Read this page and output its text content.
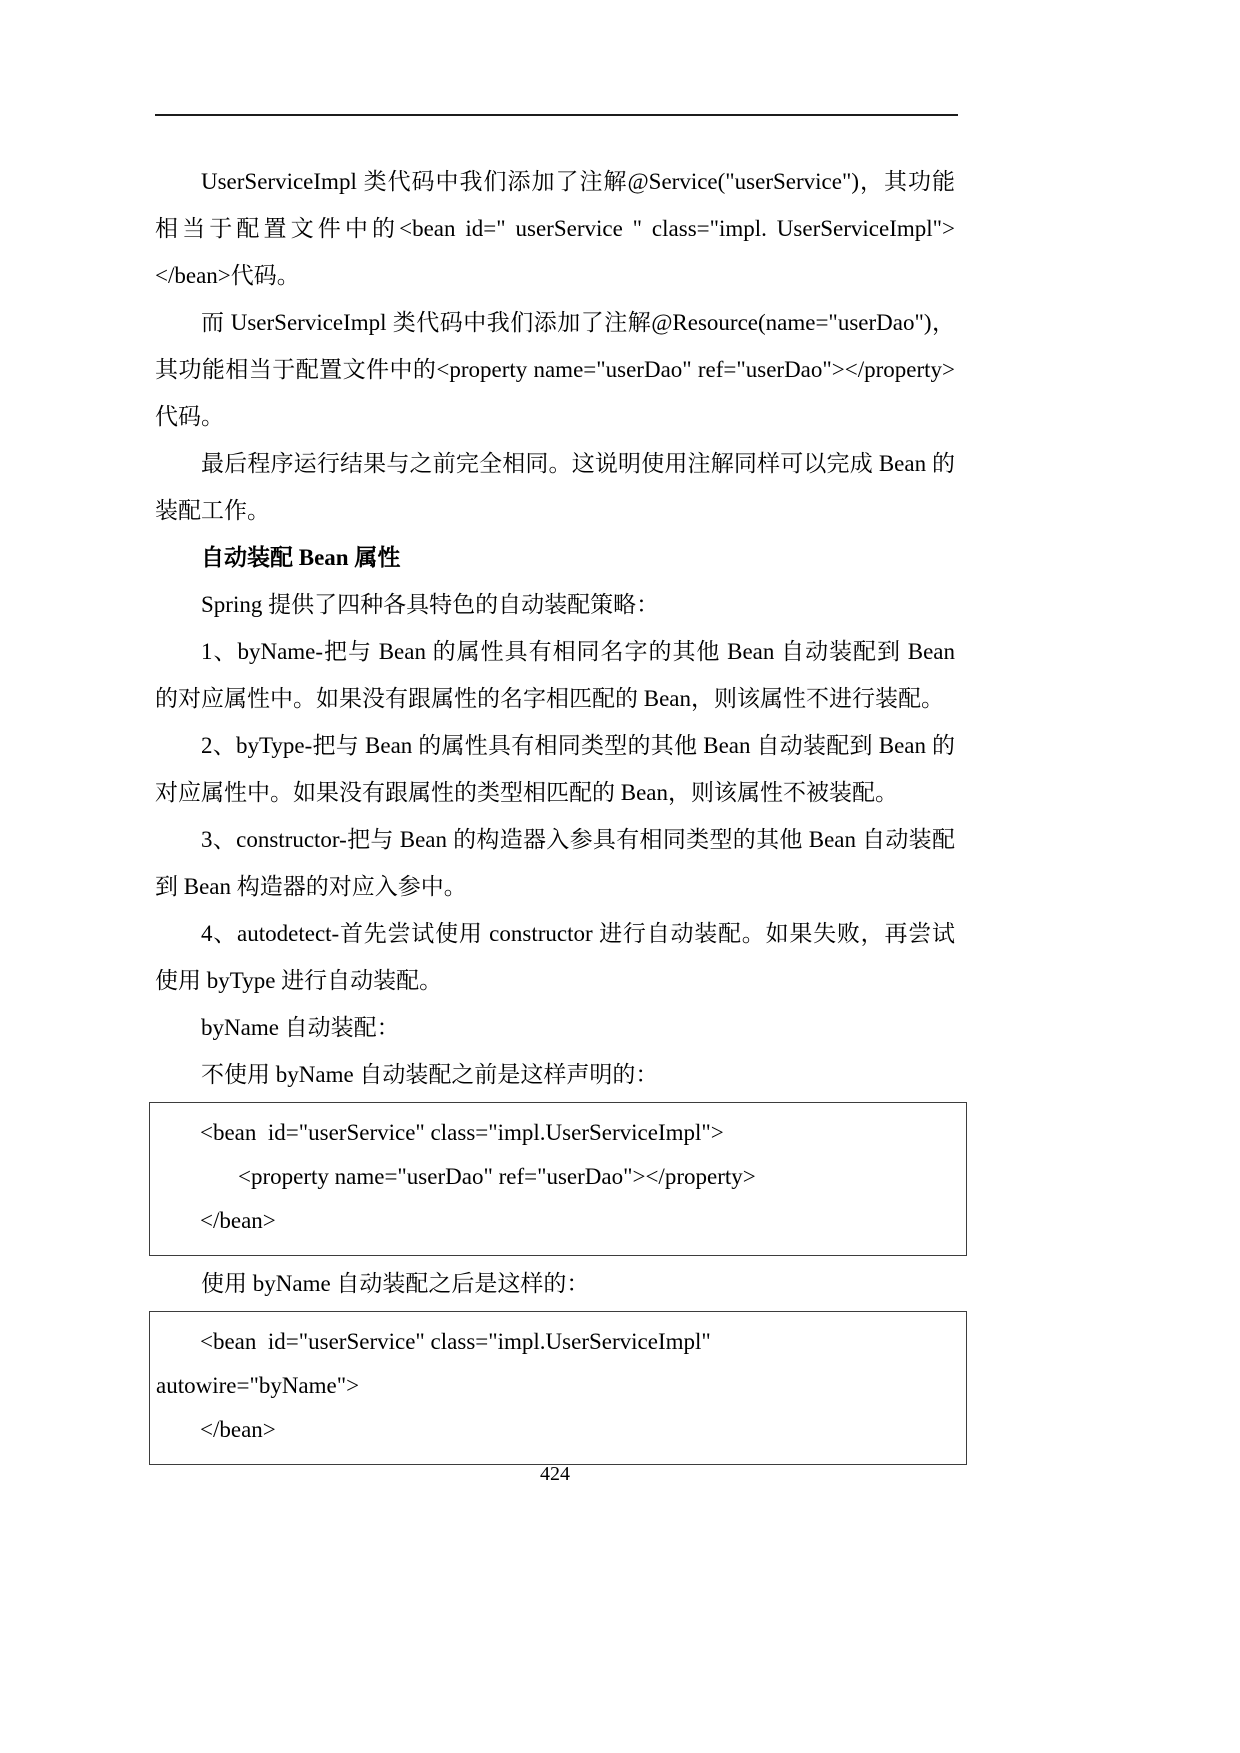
UserServiceImpl 类代码中我们添加了注解@Service("userService")，其功能相当于配置文件中的<bean id=" userService " class="impl. UserServiceImpl"></bean>代码。

而 UserServiceImpl 类代码中我们添加了注解@Resource(name="userDao")，其功能相当于配置文件中的<property name="userDao" ref="userDao"></property>代码。

最后程序运行结果与之前完全相同。这说明使用注解同样可以完成 Bean 的装配工作。

自动装配 Bean 属性

Spring 提供了四种各具特色的自动装配策略：

1、byName-把与 Bean 的属性具有相同名字的其他 Bean 自动装配到 Bean 的对应属性中。如果没有跟属性的名字相匹配的 Bean，则该属性不进行装配。

2、byType-把与 Bean 的属性具有相同类型的其他 Bean 自动装配到 Bean 的对应属性中。如果没有跟属性的类型相匹配的 Bean，则该属性不被装配。

3、constructor-把与 Bean 的构造器入参具有相同类型的其他 Bean 自动装配到 Bean 构造器的对应入参中。

4、autodetect-首先尝试使用 constructor 进行自动装配。如果失败，再尝试使用 byType 进行自动装配。

byName 自动装配：

不使用 byName 自动装配之前是这样声明的：

<bean  id="userService" class="impl.UserServiceImpl">
<property name="userDao" ref="userDao"></property>
</bean>

使用 byName 自动装配之后是这样的：

<bean  id="userService" class="impl.UserServiceImpl"
autowire="byName">
</bean>
424
